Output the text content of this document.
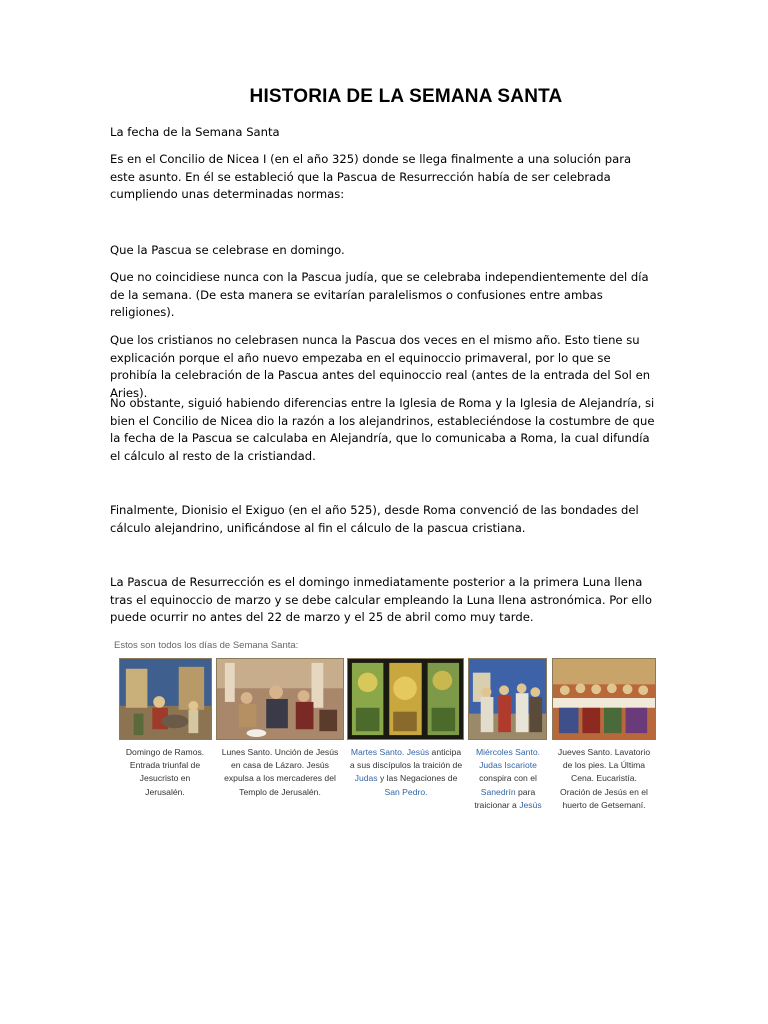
HISTORIA DE LA SEMANA SANTA
La fecha de la Semana Santa
Es en el Concilio de Nicea I (en el año 325) donde se llega finalmente a una solución para este asunto. En él se estableció que la Pascua de Resurrección había de ser celebrada cumpliendo unas determinadas normas:
Que la Pascua se celebrase en domingo.
Que no coincidiese nunca con la Pascua judía, que se celebraba independientemente del día de la semana. (De esta manera se evitarían paralelismos o confusiones entre ambas religiones).
Que los cristianos no celebrasen nunca la Pascua dos veces en el mismo año. Esto tiene su explicación porque el año nuevo empezaba en el equinoccio primaveral, por lo que se prohibía la celebración de la Pascua antes del equinoccio real (antes de la entrada del Sol en Aries).
No obstante, siguió habiendo diferencias entre la Iglesia de Roma y la Iglesia de Alejandría, si bien el Concilio de Nicea dio la razón a los alejandrinos, estableciéndose la costumbre de que la fecha de la Pascua se calculaba en Alejandría, que lo comunicaba a Roma, la cual difundía el cálculo al resto de la cristiandad.
Finalmente, Dionisio el Exiguo (en el año 525), desde Roma convenció de las bondades del cálculo alejandrino, unificándose al fin el cálculo de la pascua cristiana.
La Pascua de Resurrección es el domingo inmediatamente posterior a la primera Luna llena tras el equinoccio de marzo y se debe calcular empleando la Luna llena astronómica. Por ello puede ocurrir no antes del 22 de marzo y el 25 de abril como muy tarde.
Estos son todos los días de Semana Santa:
Domingo de Ramos.
Entrada triunfal de
Jesucristo en
Jerusalén.
Lunes Santo. Unción de Jesús
en casa de Lázaro. Jesús
expulsa a los mercaderes del
Templo de Jerusalén.
Martes Santo. Jesús anticipa
a sus discípulos la traición de
Judas y las Negaciones de
San Pedro.
Miércoles Santo.
Judas Iscariote
conspira con el
Sanedrín para
traicionar a Jesús
Jueves Santo. Lavatorio
de los pies. La Última
Cena. Eucaristía.
Oración de Jesús en el
huerto de Getsemaní.
